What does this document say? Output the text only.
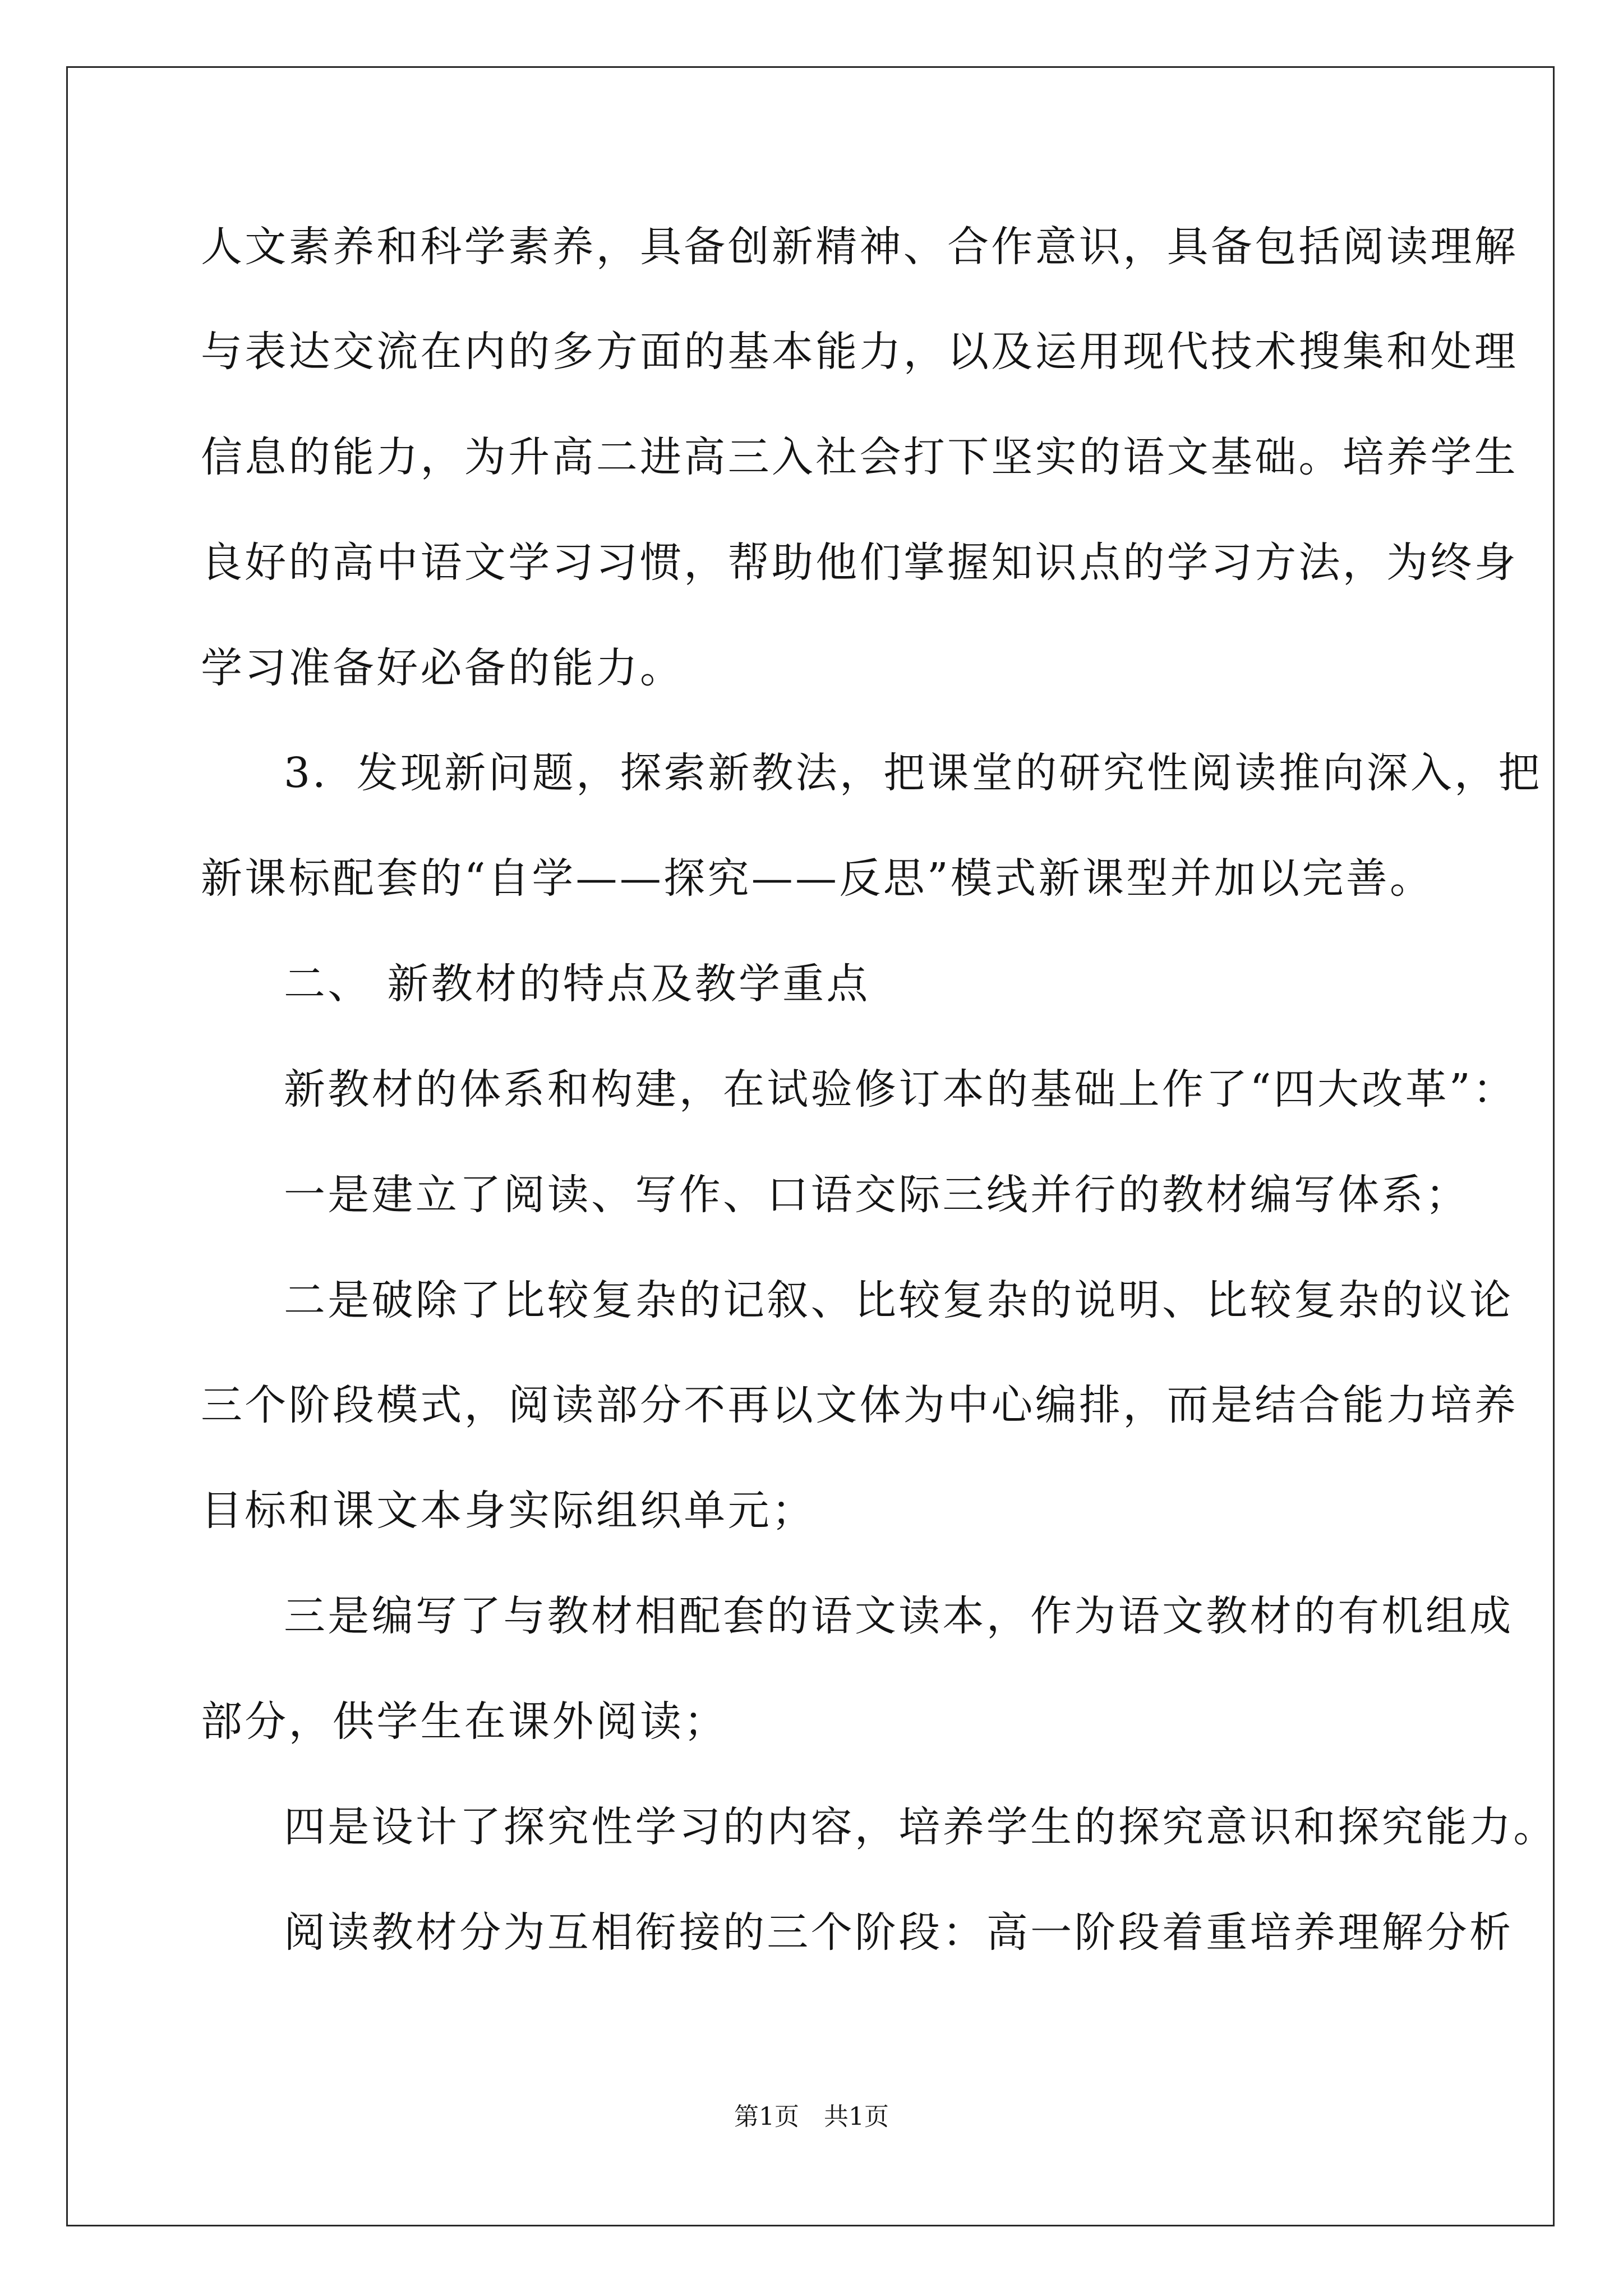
人文素养和科学素养，具备创新精神、合作意识，具备包括阅读理解
与表达交流在内的多方面的基本能力，以及运用现代技术搜集和处理
信息的能力，为升高二进高三入社会打下坚实的语文基础。培养学生
良好的高中语文学习习惯，帮助他们掌握知识点的学习方法，为终身
学习准备好必备的能力。
3．发现新问题，探索新教法，把课堂的研究性阅读推向深入，把
新课标配套的“自学——探究——反思”模式新课型并加以完善。
二、 新教材的特点及教学重点
新教材的体系和构建，在试验修订本的基础上作了“四大改革”：
一是建立了阅读、写作、口语交际三线并行的教材编写体系；
二是破除了比较复杂的记叙、比较复杂的说明、比较复杂的议论
三个阶段模式，阅读部分不再以文体为中心编排，而是结合能力培养
目标和课文本身实际组织单元；
三是编写了与教材相配套的语文读本，作为语文教材的有机组成
部分，供学生在课外阅读；
四是设计了探究性学习的内容，培养学生的探究意识和探究能力。
阅读教材分为互相衔接的三个阶段：高一阶段着重培养理解分析
第1页　共1页
